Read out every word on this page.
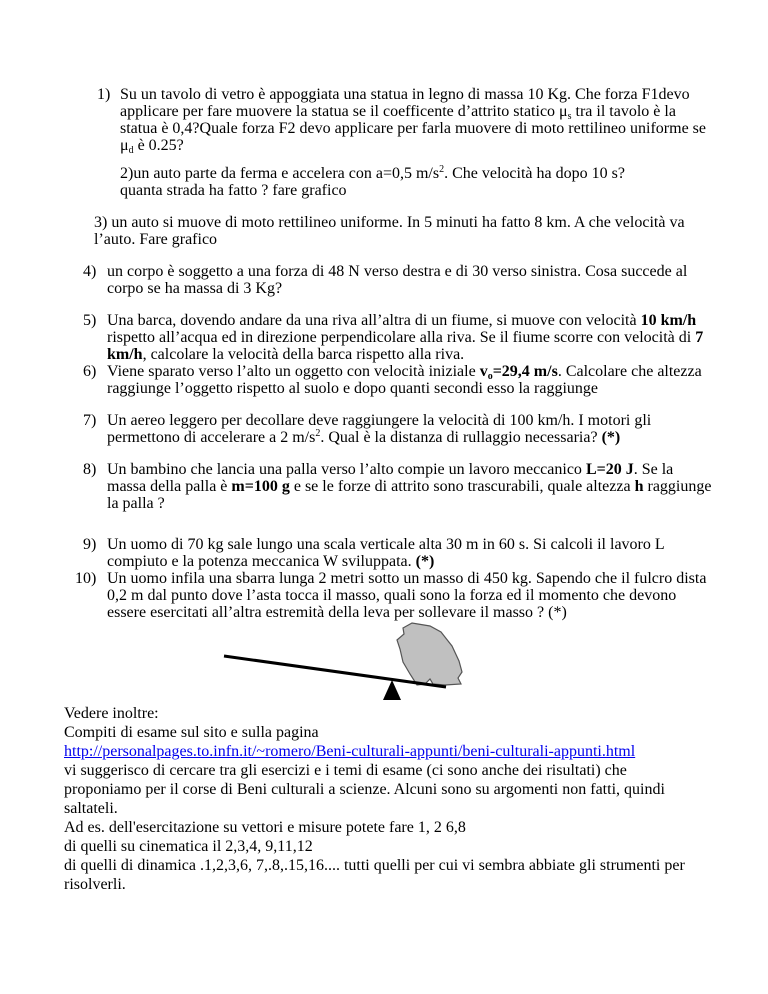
1) Su un tavolo di vetro è appoggiata una statua in legno di massa 10 Kg. Che forza F1devo
applicare per fare muovere la statua se il coefficente d’attrito statico $\mu_s$ tra il tavolo è la
statua è 0,4?Quale forza F2 devo applicare per farla muovere di moto rettilineo uniforme se
$\mu_d$ è 0.25?
2)un auto parte da ferma e accelera con a=0,5 $m/s^2$. Che velocità ha dopo 10 s?
quanta strada ha fatto ? fare grafico
3) un auto si muove di moto rettilineo uniforme. In 5 minuti ha fatto 8 km. A che velocità va
l’auto. Fare grafico
4) un corpo è soggetto a una forza di 48 N verso destra e di 30 verso sinistra. Cosa succede al
corpo se ha massa di 3 Kg?
5) Una barca, dovendo andare da una riva all’altra di un fiume, si muove con velocità 10 km/h
rispetto all’acqua ed in direzione perpendicolare alla riva. Se il fiume scorre con velocità di 7
km/h, calcolare la velocità della barca rispetto alla riva.
6) Viene sparato verso l’alto un oggetto con velocità iniziale $v_o=29,4$ m/s. Calcolare che altezza
raggiunge l’oggetto rispetto al suolo e dopo quanti secondi esso la raggiunge
7) Un aereo leggero per decollare deve raggiungere la velocità di 100 km/h. I motori gli
permettono di accelerare a 2 $m/s^2$. Qual è la distanza di rullaggio necessaria? (*)
8) Un bambino che lancia una palla verso l’alto compie un lavoro meccanico L=20 J. Se la
massa della palla è m=100 g e se le forze di attrito sono trascurabili, quale altezza h raggiunge
la palla ?
9) Un uomo di 70 kg sale lungo una scala verticale alta 30 m in 60 s. Si calcoli il lavoro L
compiuto e la potenza meccanica W sviluppata. (*)
10) Un uomo infila una sbarra lunga 2 metri sotto un masso di 450 kg. Sapendo che il fulcro dista
0,2 m dal punto dove l’asta tocca il masso, quali sono la forza ed il momento che devono
essere esercitati all’altra estremità della leva per sollevare il masso ? (*)
Vedere inoltre:
Compiti di esame sul sito e sulla pagina
http://personalpages.to.infn.it/~romero/Beni-culturali-appunti/beni-culturali-appunti.html
vi suggerisco di cercare tra gli esercizi e i temi di esame (ci sono anche dei risultati) che
proponiamo per il corse di Beni culturali a scienze. Alcuni sono su argomenti non fatti, quindi
saltateli.
Ad es. dell'esercitazione su vettori e misure potete fare 1, 2 6,8
di quelli su cinematica il 2,3,4, 9,11,12
di quelli di dinamica .1,2,3,6, 7,.8,.15,16.... tutti quelli per cui vi sembra abbiate gli strumenti per
risolverli.
